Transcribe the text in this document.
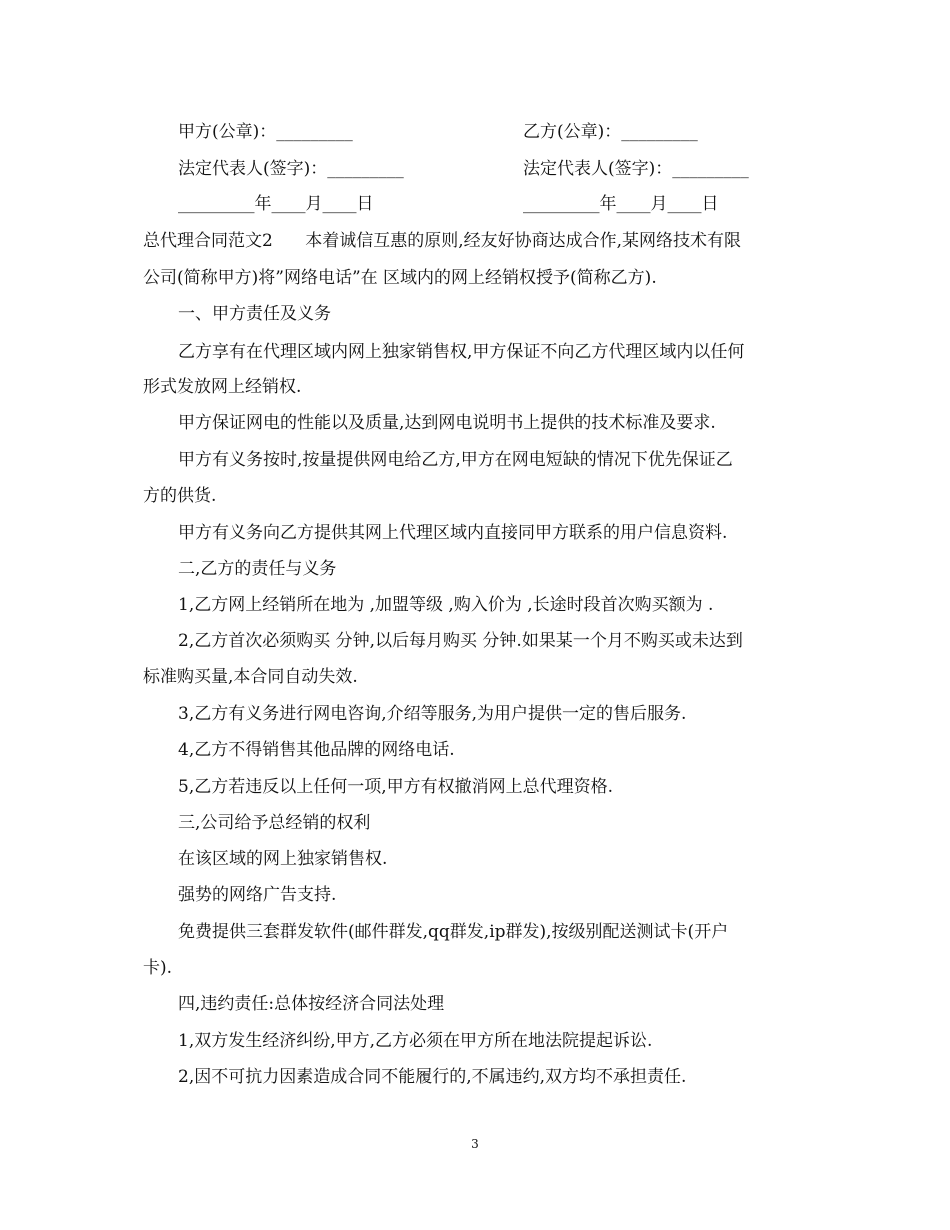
甲方(公章)：_________	乙方(公章)：_________
法定代表人(签字)：_________	法定代表人(签字)：_________
_________年____月____日	_________年____月____日
总代理合同范文2      本着诚信互惠的原则,经友好协商达成合作,某网络技术有限
公司(简称甲方)将”网络电话”在 区域内的网上经销权授予(简称乙方).
一、甲方责任及义务
乙方享有在代理区域内网上独家销售权,甲方保证不向乙方代理区域内以任何
形式发放网上经销权.
甲方保证网电的性能以及质量,达到网电说明书上提供的技术标准及要求.
甲方有义务按时,按量提供网电给乙方,甲方在网电短缺的情况下优先保证乙
方的供货.
甲方有义务向乙方提供其网上代理区域内直接同甲方联系的用户信息资料.
二,乙方的责任与义务
1,乙方网上经销所在地为 ,加盟等级 ,购入价为 ,长途时段首次购买额为 .
2,乙方首次必须购买 分钟,以后每月购买 分钟.如果某一个月不购买或未达到
标准购买量,本合同自动失效.
3,乙方有义务进行网电咨询,介绍等服务,为用户提供一定的售后服务.
4,乙方不得销售其他品牌的网络电话.
5,乙方若违反以上任何一项,甲方有权撤消网上总代理资格.
三,公司给予总经销的权利
在该区域的网上独家销售权.
强势的网络广告支持.
免费提供三套群发软件(邮件群发,qq群发,ip群发),按级别配送测试卡(开户
卡).
四,违约责任:总体按经济合同法处理
1,双方发生经济纠纷,甲方,乙方必须在甲方所在地法院提起诉讼.
2,因不可抗力因素造成合同不能履行的,不属违约,双方均不承担责任.
3
